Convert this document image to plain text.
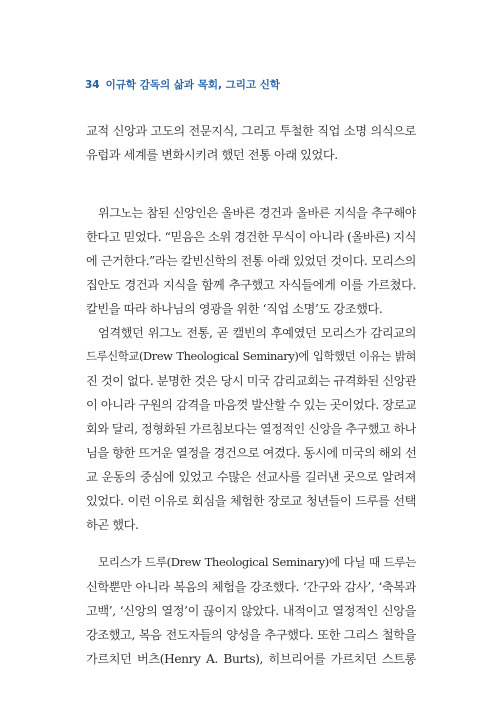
34 이규학 감독의 삶과 목회, 그리고 신학
교적 신앙과 고도의 전문지식, 그리고 투철한 직업 소명 의식으로
유럽과 세계를 변화시키려 했던 전통 아래 있었다.
위그노는 참된 신앙인은 올바른 경건과 올바른 지식을 추구해야
한다고 믿었다. “믿음은 소위 경건한 무식이 아니라 (올바른) 지식
에 근거한다.”라는 칼빈신학의 전통 아래 있었던 것이다. 모리스의
집안도 경건과 지식을 함께 추구했고 자식들에게 이를 가르쳤다.
칼빈을 따라 하나님의 영광을 위한 ‘직업 소명’도 강조했다.
엄격했던 위그노 전통, 곧 캘빈의 후예였던 모리스가 감리교의
드루신학교(Drew Theological Seminary)에 입학했던 이유는 밝혀
진 것이 없다. 분명한 것은 당시 미국 감리교회는 규격화된 신앙관
이 아니라 구원의 감격을 마음껏 발산할 수 있는 곳이었다. 장로교
회와 달리, 정형화된 가르침보다는 열정적인 신앙을 추구했고 하나
님을 향한 뜨거운 열정을 경건으로 여겼다. 동시에 미국의 해외 선
교 운동의 중심에 있었고 수많은 선교사를 길러낸 곳으로 알려져
있었다. 이런 이유로 회심을 체험한 장로교 청년들이 드루를 선택
하곤 했다.
모리스가 드루(Drew Theological Seminary)에 다닐 때 드루는
신학뿐만 아니라 복음의 체험을 강조했다. ‘간구와 감사’, ‘축복과
고백’, ‘신앙의 열정’이 끊이지 않았다. 내적이고 열정적인 신앙을
강조했고, 복음 전도자들의 양성을 추구했다. 또한 그리스 철학을
가르치던 버츠(Henry A. Burts), 히브리어를 가르치던 스트롱
